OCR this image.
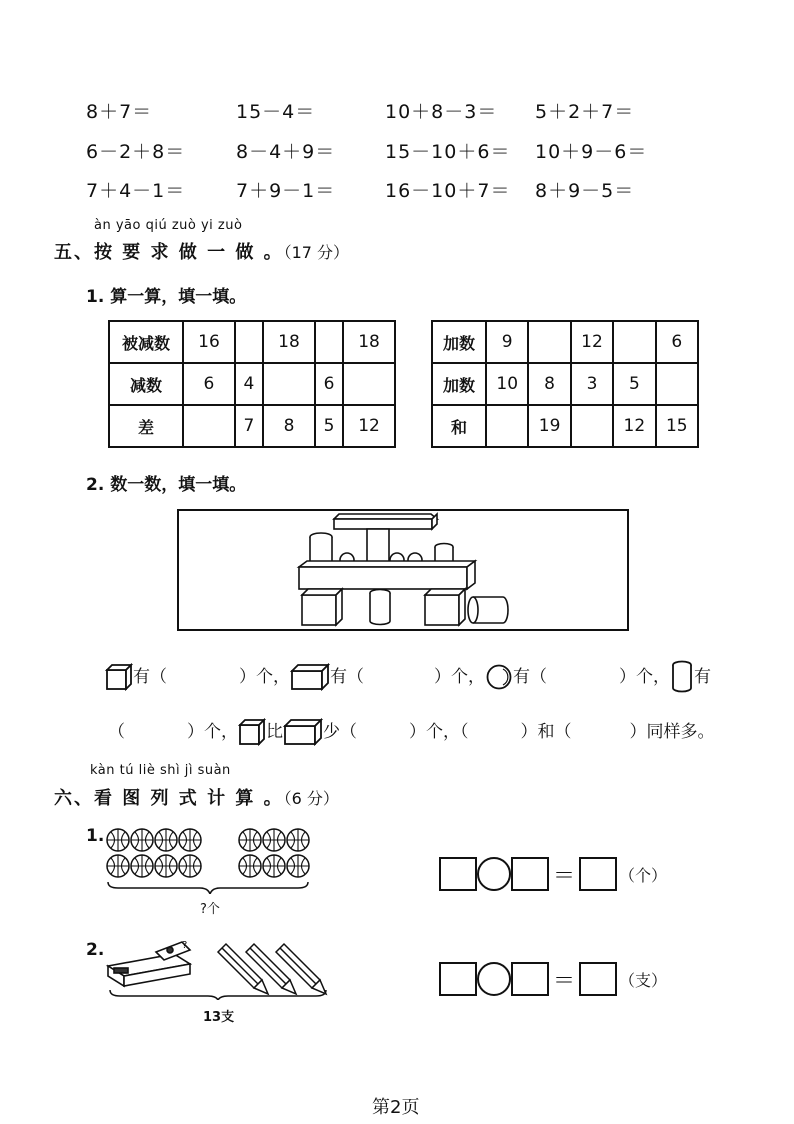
8＋7＝	15－4＝	10＋8－3＝ 5＋2＋7＝
6－2＋8＝	8－4＋9＝	15－10＋6＝ 10＋9－6＝
7＋4－1＝	7＋9－1＝	16－10＋7＝ 8＋9－5＝
àn yāo qiú zuò yi zuò
五、按 要 求 做 一 做 。（17 分）
1. 算一算，填一填。
被减数	16		18		18
减数	6	4		6	
差		7	8	5	12
加数	9		12		6
加数	10	8	3	5	
和		19		12	15
2. 数一数，填一填。
有（	）个， 有（	）个， 有（	）个， 有
（	）个， 比 少（	）个，（	）和（	）同样多。
kàn tú liè shì jì suàn
六、看 图 列 式 计 算 。（6 分）
1.
?个
＝	（个）
2.	?
13支
＝	（支）
第2页
